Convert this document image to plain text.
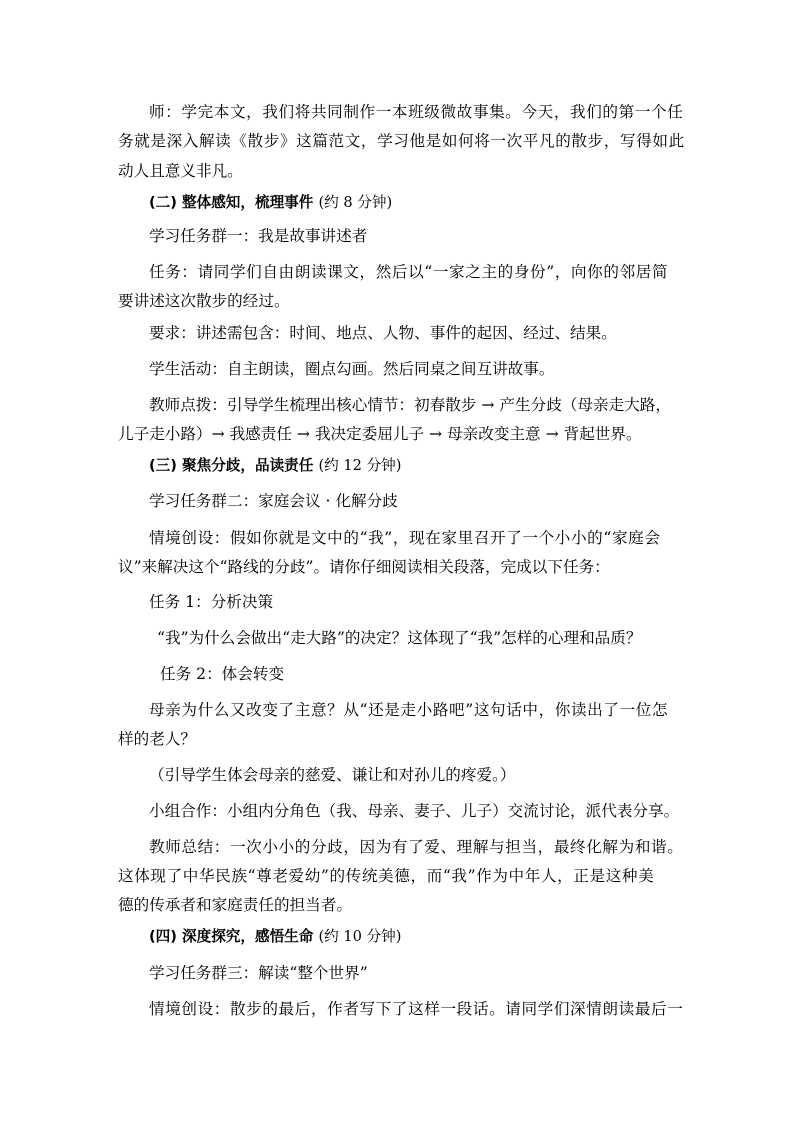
师：学完本文，我们将共同制作一本班级微故事集。今天，我们的第一个任
务就是深入解读《散步》这篇范文，学习他是如何将一次平凡的散步，写得如此
动人且意义非凡。
(二) 整体感知，梳理事件 (约 8 分钟)
学习任务群一：我是故事讲述者
任务：请同学们自由朗读课文，然后以“一家之主的身份”，向你的邻居简
要讲述这次散步的经过。
要求：讲述需包含：时间、地点、人物、事件的起因、经过、结果。
学生活动：自主朗读，圈点勾画。然后同桌之间互讲故事。
教师点拨：引导学生梳理出核心情节：初春散步 → 产生分歧（母亲走大路，
儿子走小路）→ 我感责任 → 我决定委屈儿子 → 母亲改变主意 → 背起世界。
(三) 聚焦分歧，品读责任 (约 12 分钟)
学习任务群二：家庭会议 · 化解分歧
情境创设：假如你就是文中的“我”，现在家里召开了一个小小的“家庭会
议”来解决这个“路线的分歧”。请你仔细阅读相关段落，完成以下任务：
任务 1：分析决策
“我”为什么会做出“走大路”的决定？这体现了“我”怎样的心理和品质？
任务 2：体会转变
母亲为什么又改变了主意？从“还是走小路吧”这句话中，你读出了一位怎
样的老人？
（引导学生体会母亲的慈爱、谦让和对孙儿的疼爱。）
小组合作：小组内分角色（我、母亲、妻子、儿子）交流讨论，派代表分享。
教师总结：一次小小的分歧，因为有了爱、理解与担当，最终化解为和谐。
这体现了中华民族“尊老爱幼”的传统美德，而“我”作为中年人，正是这种美
德的传承者和家庭责任的担当者。
(四) 深度探究，感悟生命 (约 10 分钟)
学习任务群三：解读“整个世界”
情境创设：散步的最后，作者写下了这样一段话。请同学们深情朗读最后一
